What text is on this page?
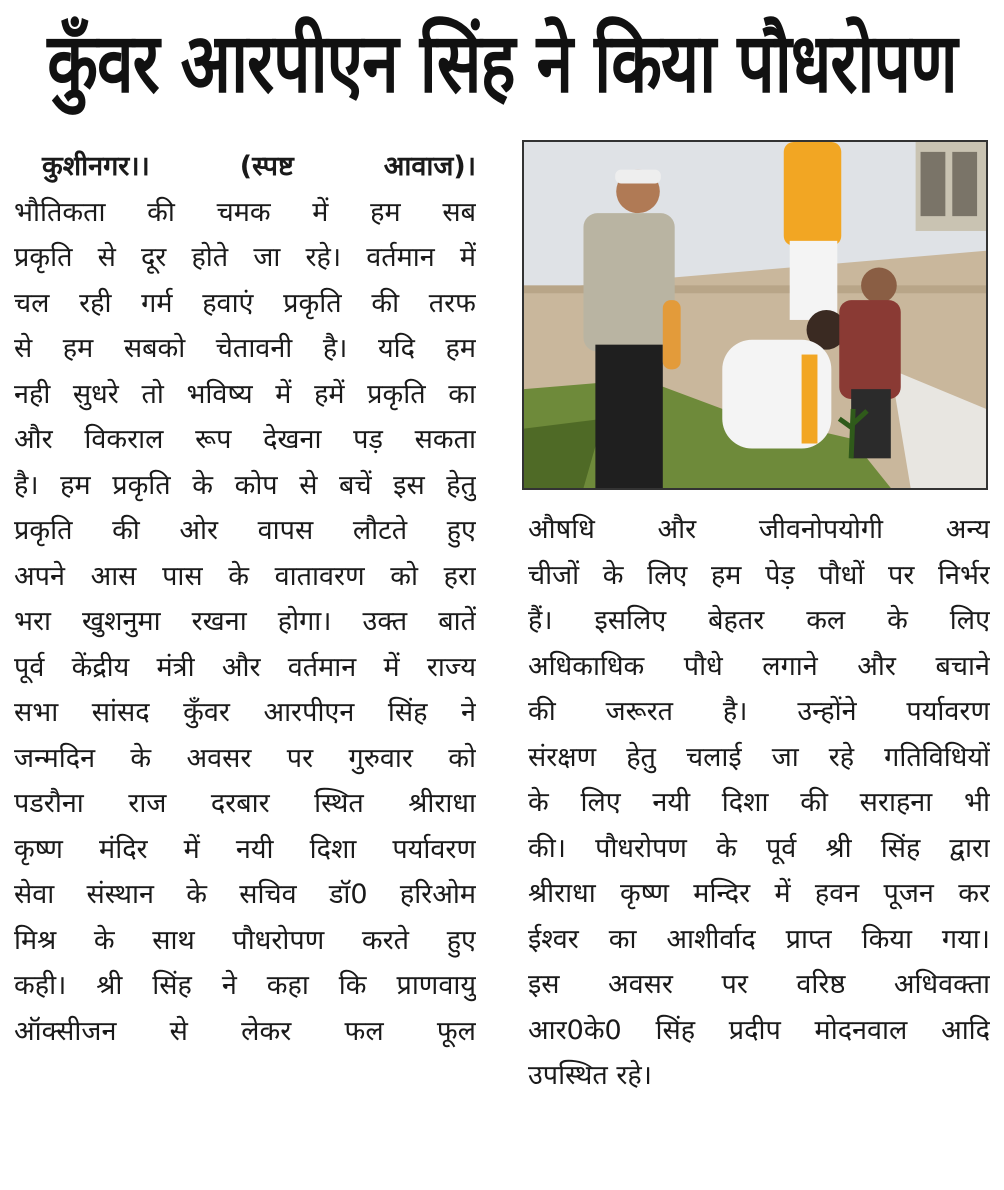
कुँवर आरपीएन सिंह ने किया पौधरोपण
कुशीनगर।। (स्पष्ट आवाज)।
भौतिकता की चमक में हम सब
प्रकृति से दूर होते जा रहे। वर्तमान में
चल रही गर्म हवाएं प्रकृति की तरफ
से हम सबको चेतावनी है। यदि हम
नही सुधरे तो भविष्य में हमें प्रकृति का
और विकराल रूप देखना पड़ सकता
है। हम प्रकृति के कोप से बचें इस हेतु
प्रकृति की ओर वापस लौटते हुए
अपने आस पास के वातावरण को हरा
भरा खुशनुमा रखना होगा। उक्त बातें
पूर्व केंद्रीय मंत्री और वर्तमान में राज्य
सभा सांसद कुँवर आरपीएन सिंह ने
जन्मदिन के अवसर पर गुरुवार को
पडरौना राज दरबार स्थित श्रीराधा
कृष्ण मंदिर में नयी दिशा पर्यावरण
सेवा संस्थान के सचिव डॉ0 हरिओम
मिश्र के साथ पौधरोपण करते हुए
कही। श्री सिंह ने कहा कि प्राणवायु
ऑक्सीजन से लेकर फल फूल
औषधि और जीवनोपयोगी अन्य
चीजों के लिए हम पेड़ पौधों पर निर्भर
हैं। इसलिए बेहतर कल के लिए
अधिकाधिक पौधे लगाने और बचाने
की जरूरत है। उन्होंने पर्यावरण
संरक्षण हेतु चलाई जा रहे गतिविधियों
के लिए नयी दिशा की सराहना भी
की। पौधरोपण के पूर्व श्री सिंह द्वारा
श्रीराधा कृष्ण मन्दिर में हवन पूजन कर
ईश्वर का आशीर्वाद प्राप्त किया गया।
इस अवसर पर वरिष्ठ अधिवक्ता
आर0के0 सिंह प्रदीप मोदनवाल आदि
उपस्थित रहे।
